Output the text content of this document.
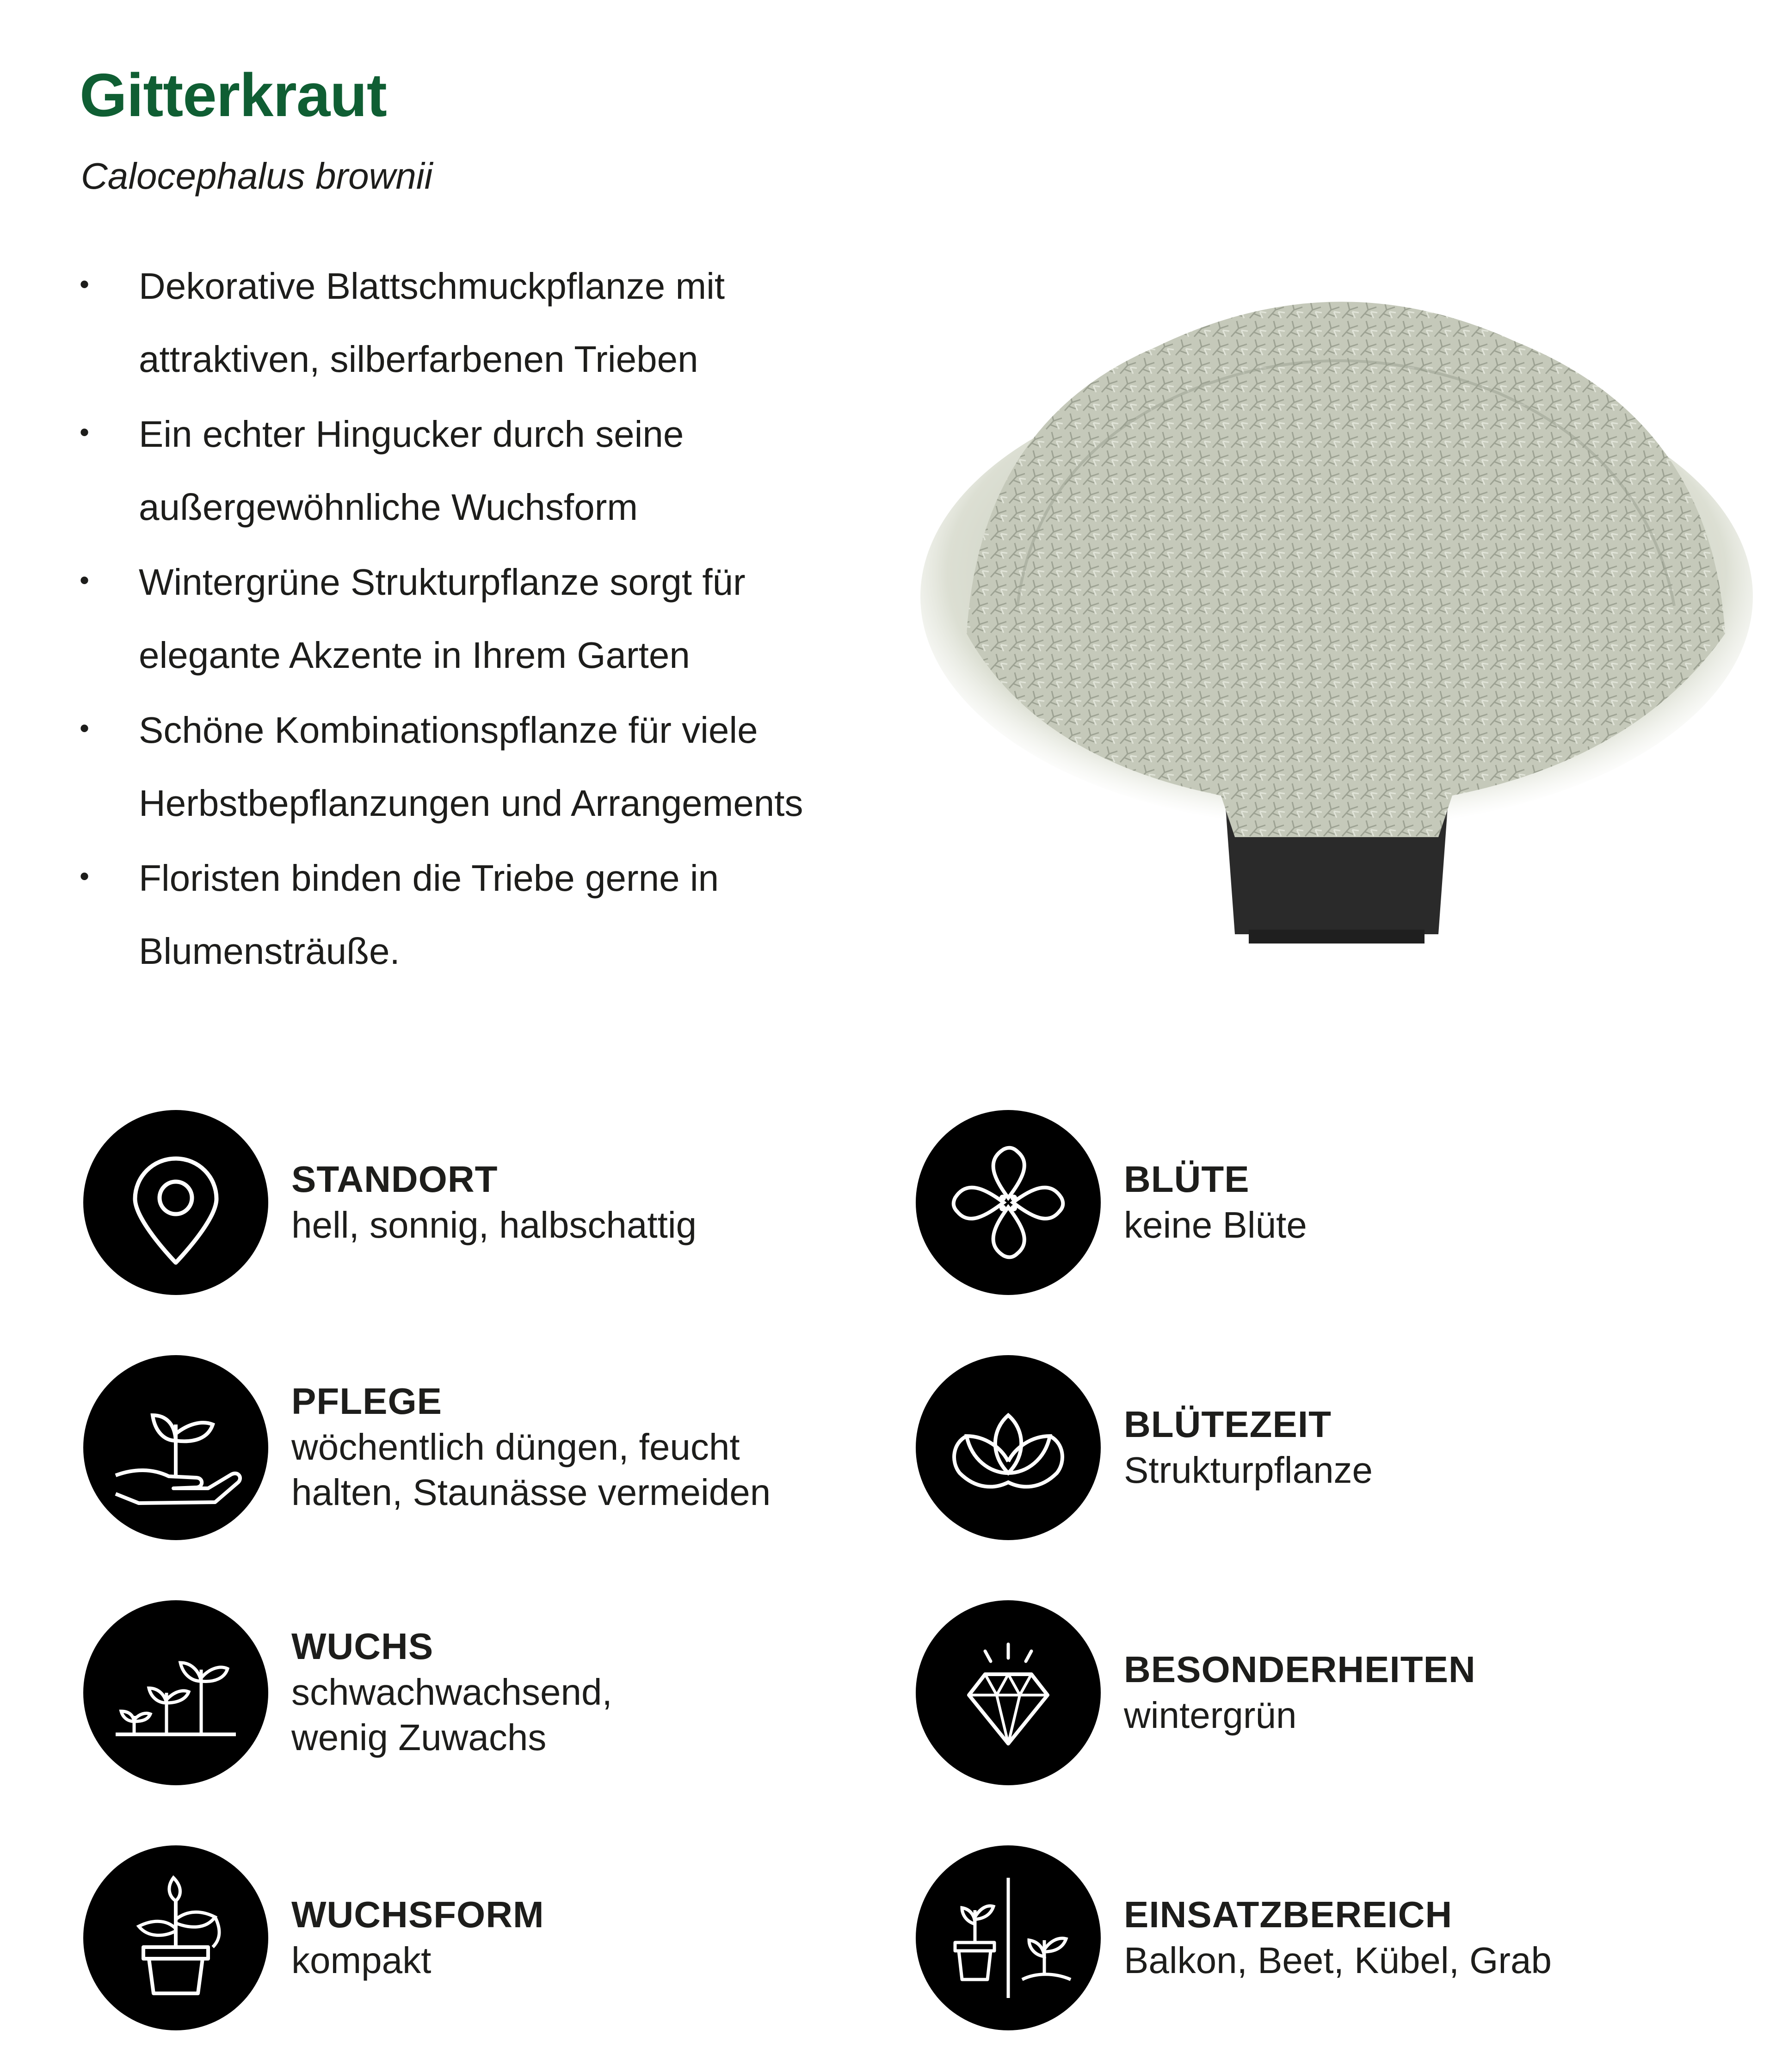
Gitterkraut
Calocephalus brownii
• Dekorative Blattschmuckpflanze mit
attraktiven, silberfarbenen Trieben
• Ein echter Hingucker durch seine
außergewöhnliche Wuchsform
• Wintergrüne Strukturpflanze sorgt für
elegante Akzente in Ihrem Garten
• Schöne Kombinationspflanze für viele
Herbstbepflanzungen und Arrangements
• Floristen binden die Triebe gerne in
Blumensträuße.
STANDORT
hell, sonnig, halbschattig
PFLEGE
wöchentlich düngen, feucht
halten, Staunässe vermeiden
WUCHS
schwachwachsend,
wenig Zuwachs
WUCHSFORM
kompakt
BLÜTE
keine Blüte
BLÜTEZEIT
Strukturpflanze
BESONDERHEITEN
wintergrün
EINSATZBEREICH
Balkon, Beet, Kübel, Grab
